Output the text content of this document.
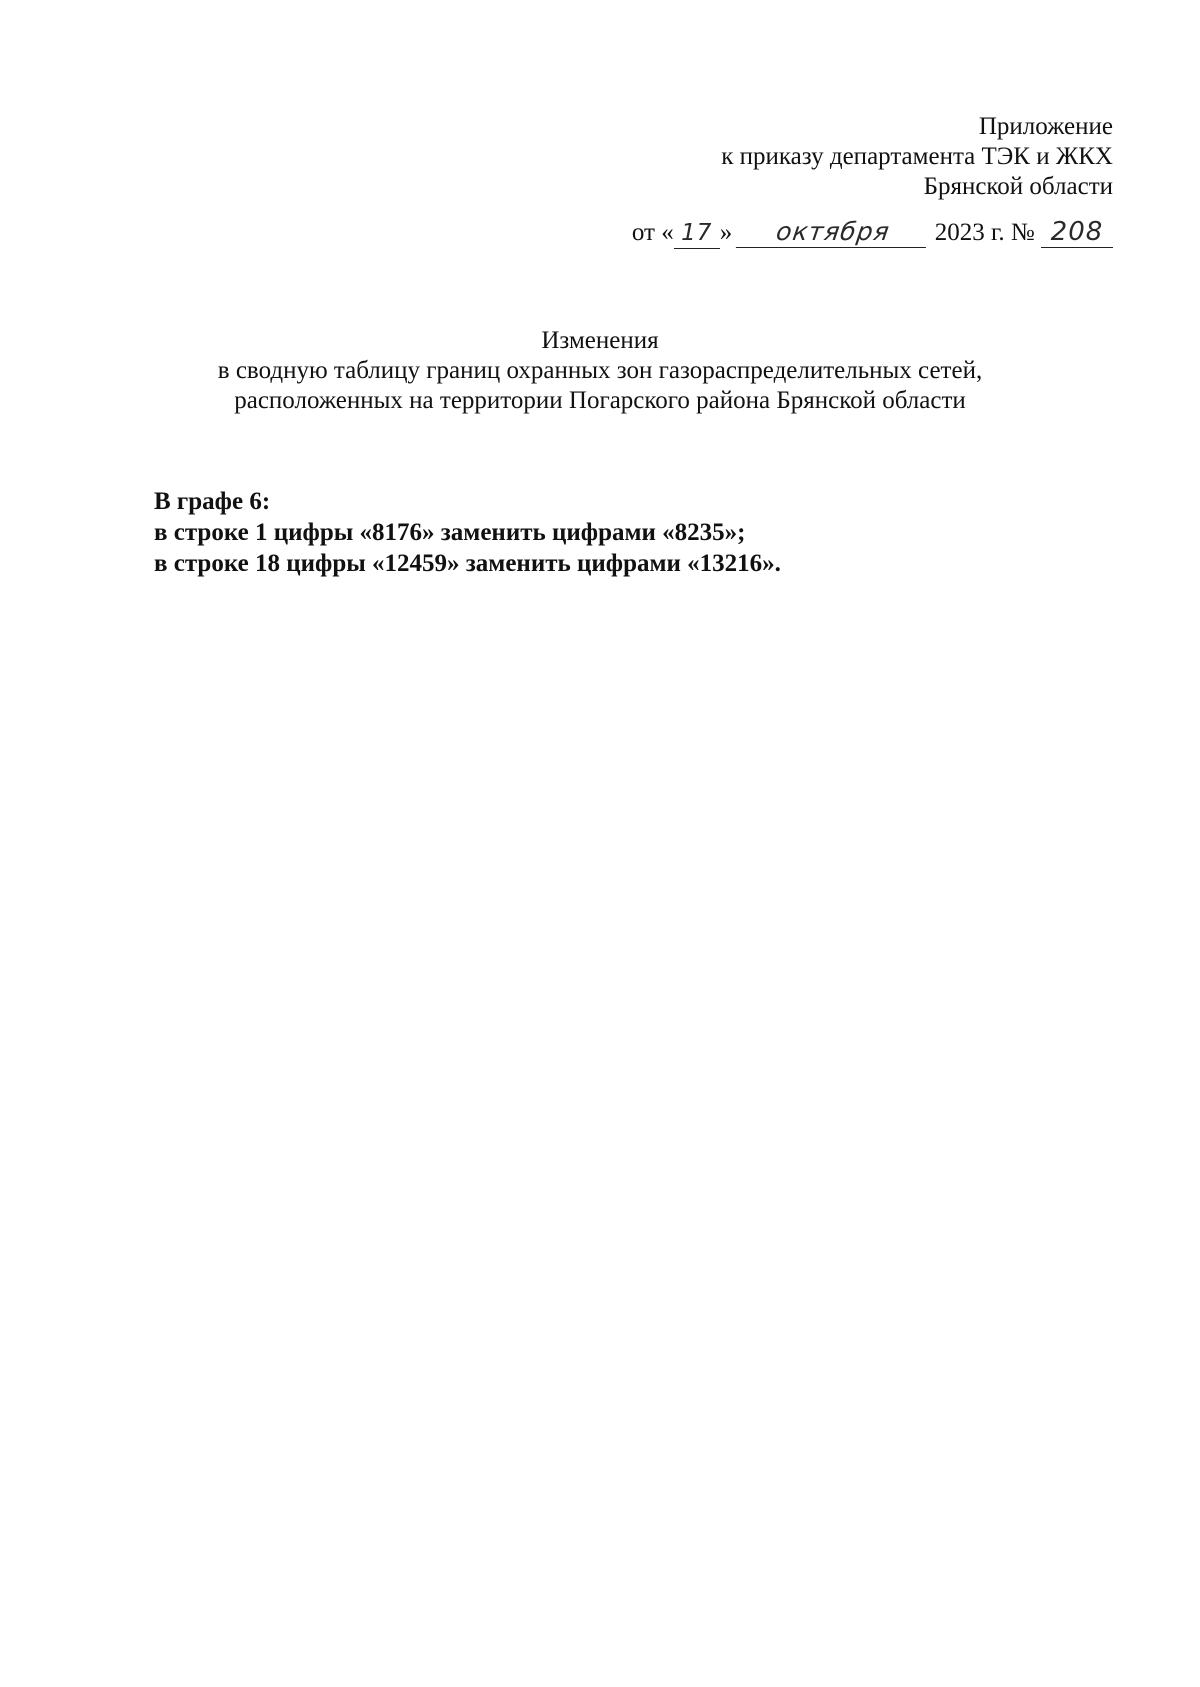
Приложение
к приказу департамента ТЭК и ЖКХ
Брянской области
от « 17 » октября 2023 г. № 208
Изменения
в сводную таблицу границ охранных зон газораспределительных сетей,
расположенных на территории Погарского района Брянской области
В графе 6:
в строке 1 цифры «8176» заменить цифрами «8235»;
в строке 18 цифры «12459» заменить цифрами «13216».
